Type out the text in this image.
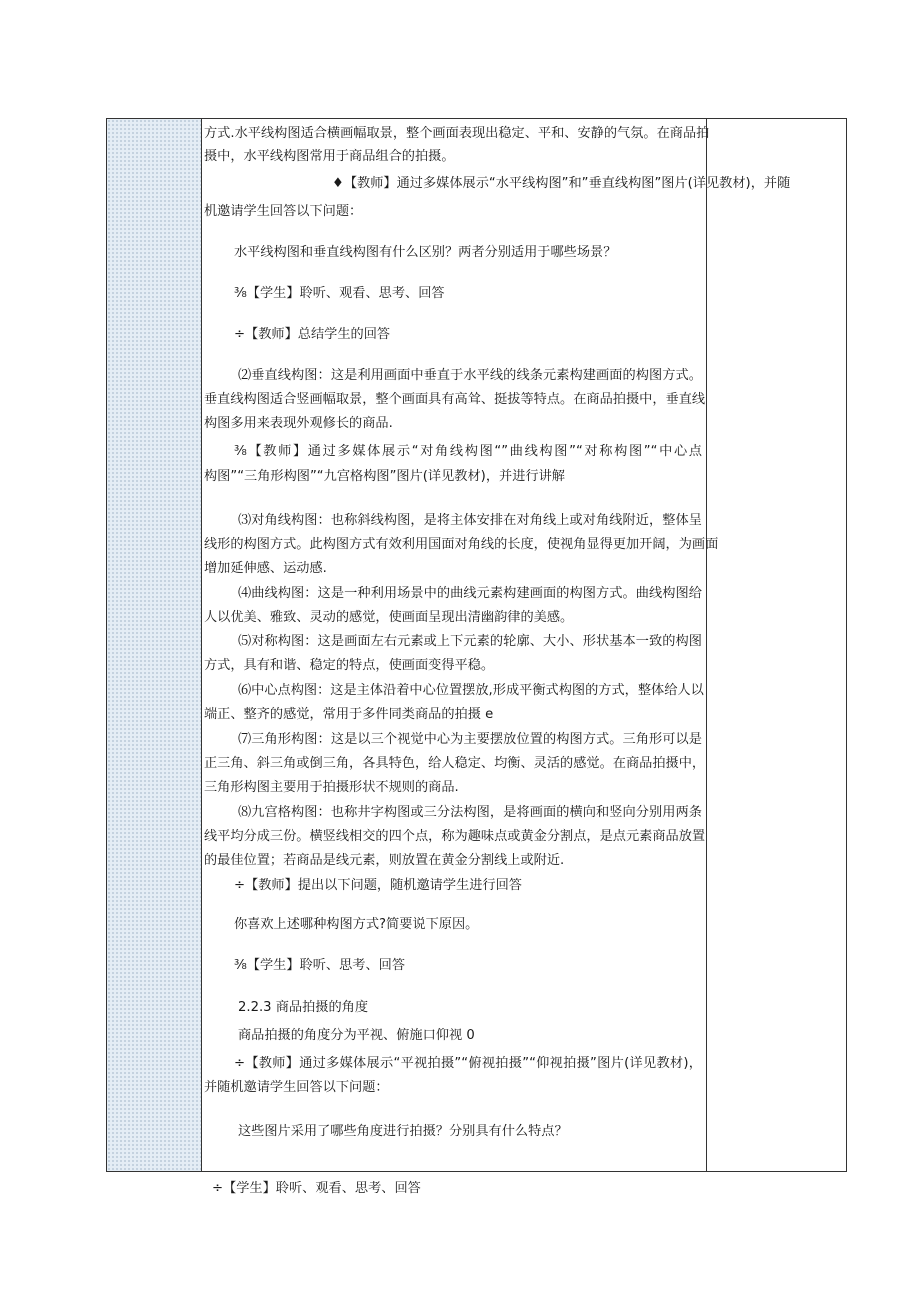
方式.水平线构图适合横画幅取景，整个画面表现出稳定、平和、安静的气氛。在商品拍
摄中，水平线构图常用于商品组合的拍摄。
♦【教师】通过多媒体展示“水平线构图”和”垂直线构图”图片(详见教材)，并随
机邀请学生回答以下问题：
水平线构图和垂直线构图有什么区别？两者分别适用于哪些场景？
⅜【学生】聆听、观看、思考、回答
÷【教师】总结学生的回答
⑵垂直线构图：这是利用画面中垂直于水平线的线条元素构建画面的构图方式。
垂直线构图适合竖画幅取景，整个画面具有高耸、挺拔等特点。在商品拍摄中，垂直线
构图多用来表现外观修长的商品.
⅜【教师】通过多媒体展示“对角线构图“”曲线构图”“对称构图”“中心点
构图”“三角形构图”“九宫格构图”图片(详见教材)，并进行讲解
⑶对角线构图：也称斜线构图，是将主体安排在对角线上或对角线附近，整体呈
线形的构图方式。此构图方式有效利用国面对角线的长度，使视角显得更加开阔，为画面
增加延伸感、运动感.
⑷曲线构图：这是一种利用场景中的曲线元素构建画面的构图方式。曲线构图给
人以优美、雅致、灵动的感觉，使画面呈现出清幽韵律的美感。
⑸对称构图：这是画面左右元素或上下元素的轮廓、大小、形状基本一致的构图
方式，具有和谐、稳定的特点，使画面变得平稳。
⑹中心点构图：这是主体沿着中心位置摆放,形成平衡式构图的方式，整体给人以
端正、整齐的感觉，常用于多件同类商品的拍摄 e
⑺三角形构图：这是以三个视觉中心为主要摆放位置的构图方式。三角形可以是
正三角、斜三角或倒三角，各具特色，给人稳定、均衡、灵活的感觉。在商品拍摄中，
三角形构图主要用于拍摄形状不规则的商品.
⑻九宫格构图：也称井字构图或三分法构图，是将画面的横向和竖向分别用两条
线平均分成三份。横竖线相交的四个点，称为趣味点或黄金分割点，是点元素商品放置
的最佳位置；若商品是线元素，则放置在黄金分割线上或附近.
÷【教师】提出以下问题，随机邀请学生进行回答
你喜欢上述哪种构图方式?简要说下原因。
⅜【学生】聆听、思考、回答
2.2.3 商品拍摄的角度
商品拍摄的角度分为平视、俯施口仰视 0
÷【教师】通过多媒体展示“平视拍摄”“俯视拍摄”“仰视拍摄”图片(详见教材)，
并随机邀请学生回答以下问题：
这些图片采用了哪些角度进行拍摄？分别具有什么特点？
÷【学生】聆听、观看、思考、回答
